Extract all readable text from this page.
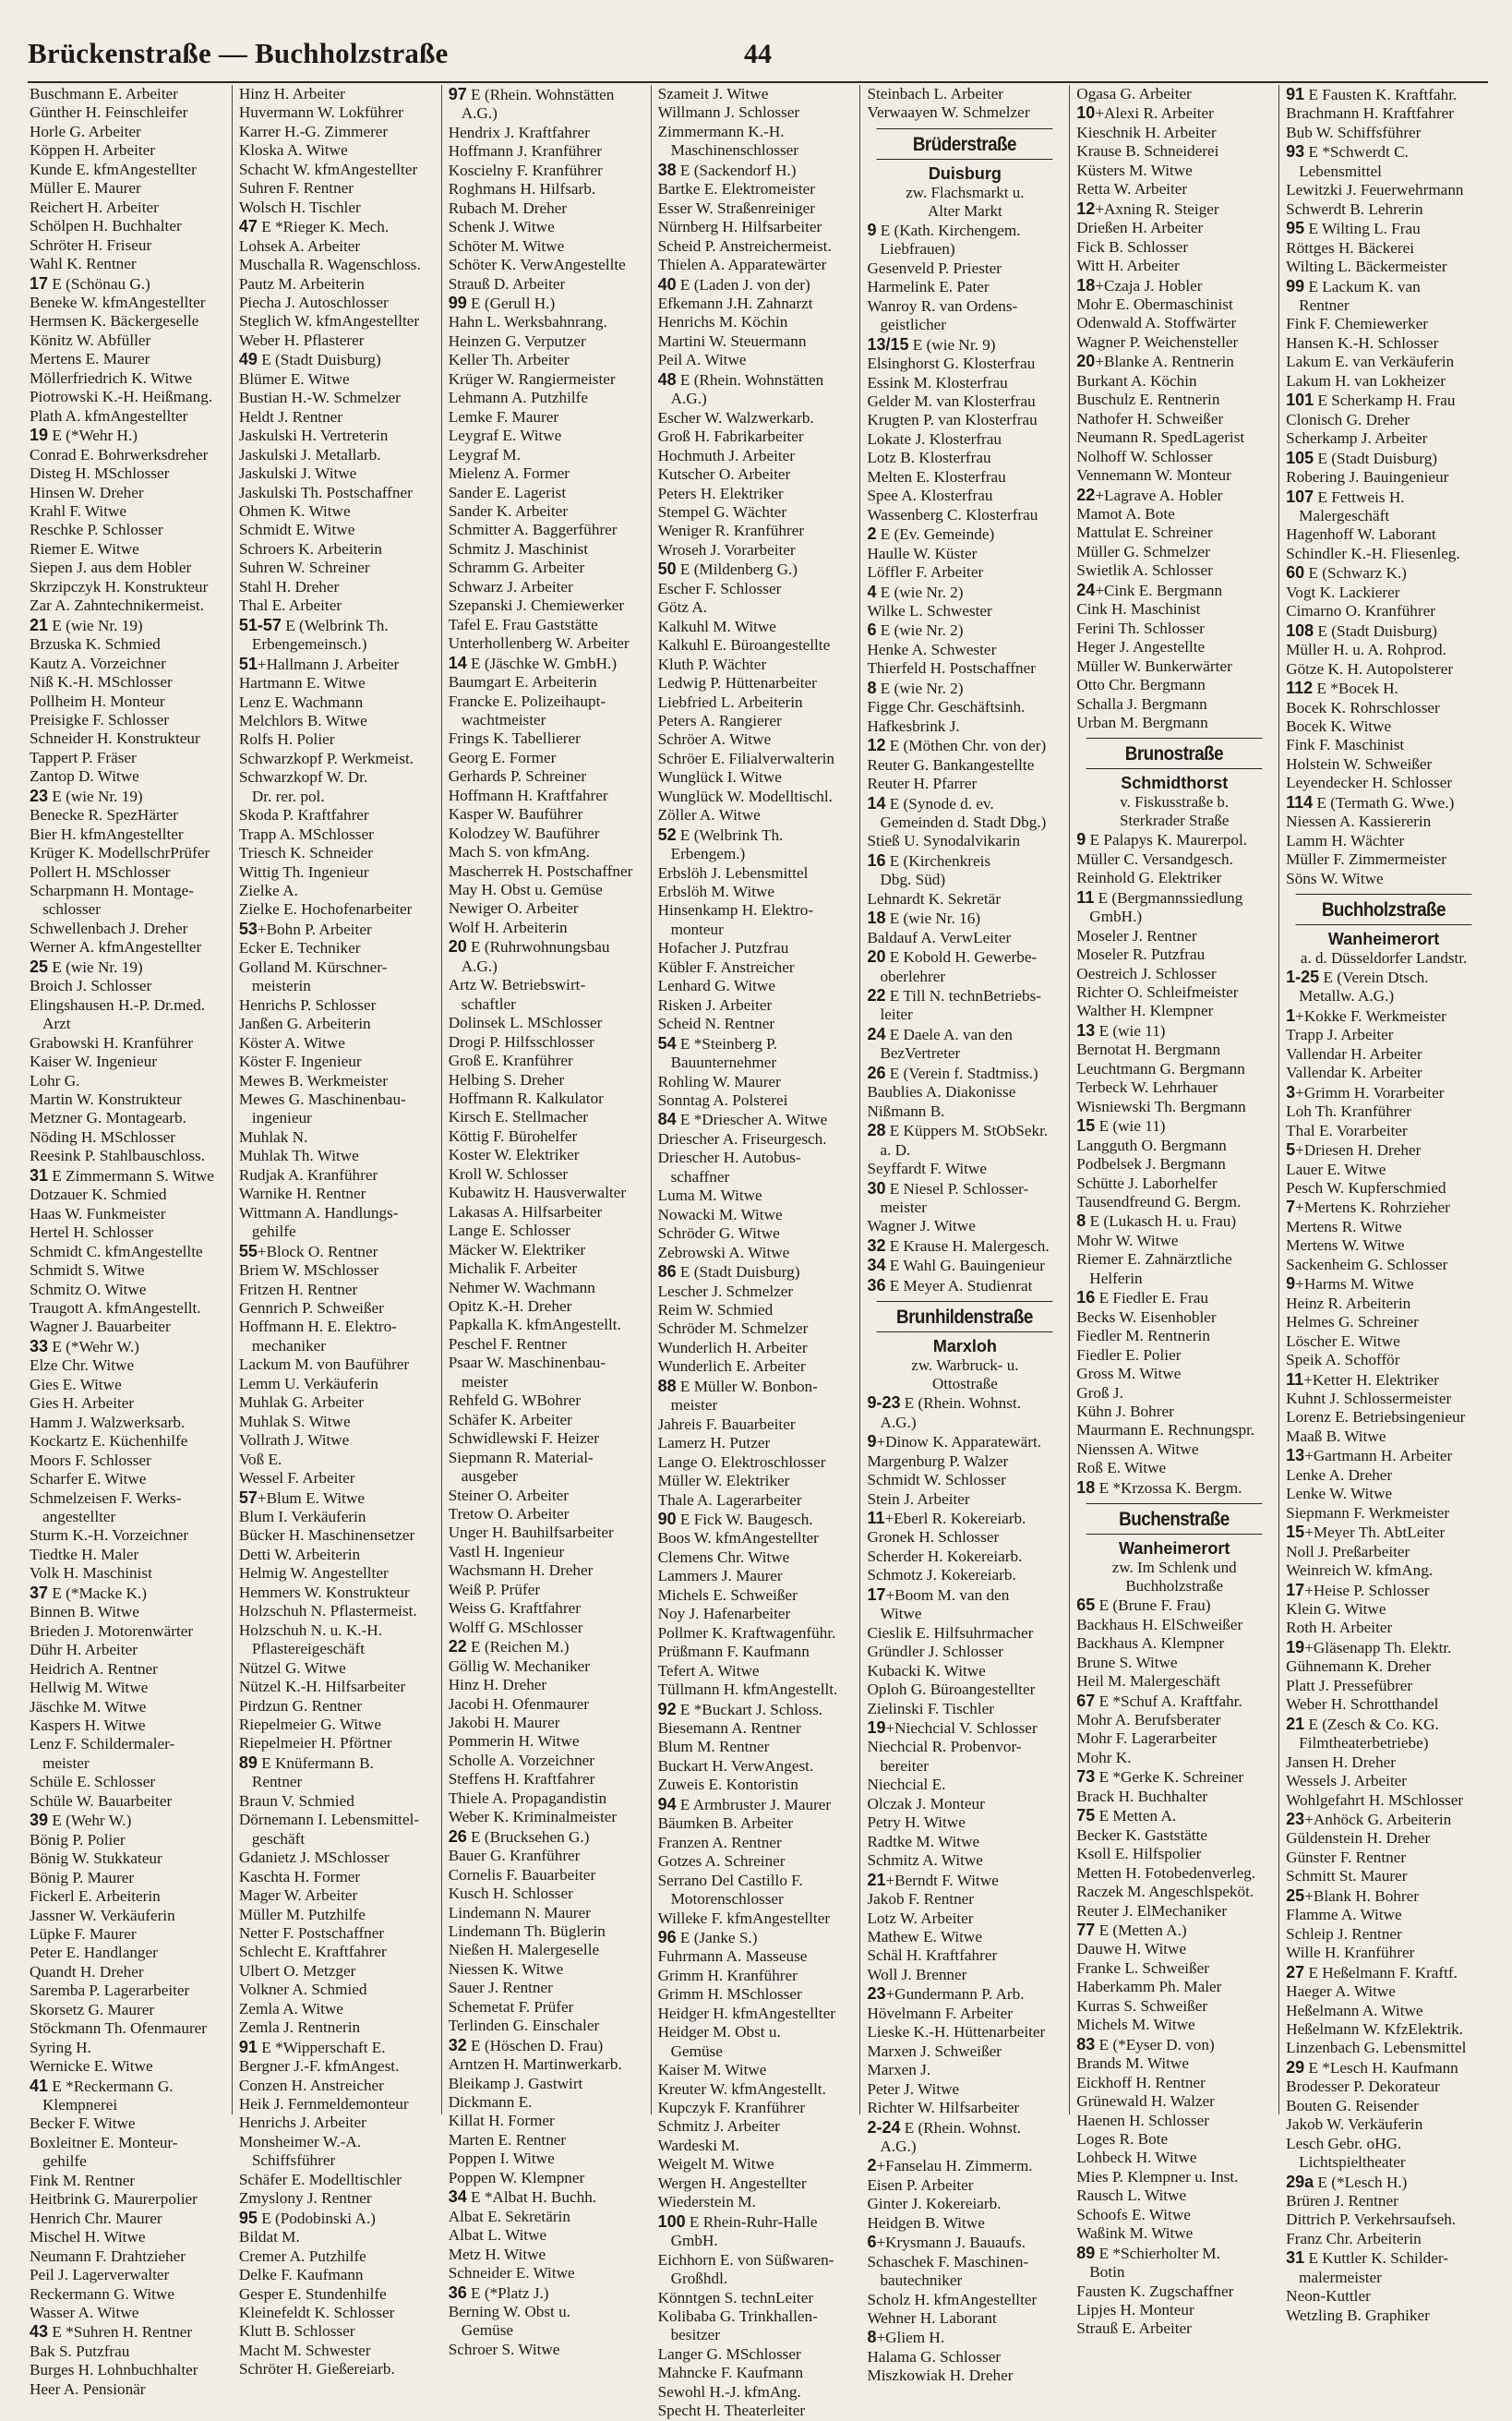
Brückenstraße — Buchholzstraße	44
Buschmann E. Arbeiter
Günther H. Feinschleifer
Horle G. Arbeiter
Köppen H. Arbeiter
Kunde E. kfmAngestellter
Müller E. Maurer
Reichert H. Arbeiter
Schölpen H. Buchhalter
Schröter H. Friseur
Wahl K. Rentner
17 E (Schönau G.)
Beneke W. kfmAngestellter
Hermsen K. Bäckergeselle
Könitz W. Abfüller
Mertens E. Maurer
Möllerfriedrich K. Witwe
Piotrowski K.-H. Heißmang.
Plath A. kfmAngestellter
19 E (*Wehr H.)
Conrad E. Bohrwerksdreher
Disteg H. MSchlosser
Hinsen W. Dreher
Krahl F. Witwe
Reschke P. Schlosser
Riemer E. Witwe
Siepen J. aus dem Hobler
Skrzipczyk H. Konstrukteur
Zar A. Zahntechnikermeist.
21 E (wie Nr. 19)
Brzuska K. Schmied
Kautz A. Vorzeichner
Niß K.-H. MSchlosser
Pollheim H. Monteur
Preisigke F. Schlosser
Schneider H. Konstrukteur
Tappert P. Fräser
Zantop D. Witwe
23 E (wie Nr. 19)
Benecke R. SpezHärter
Bier H. kfmAngestellter
Krüger K. ModellschrPrüfer
Pollert H. MSchlosser
Scharpmann H. Montage-
schlosser
Schwellenbach J. Dreher
Werner A. kfmAngestellter
25 E (wie Nr. 19)
Broich J. Schlosser
Elingshausen H.-P. Dr.med.
Arzt
Grabowski H. Kranführer
Kaiser W. Ingenieur
Lohr G.
Martin W. Konstrukteur
Metzner G. Montagearb.
Nöding H. MSchlosser
Reesink P. Stahlbauschloss.
31 E Zimmermann S. Witwe
Dotzauer K. Schmied
Haas W. Funkmeister
Hertel H. Schlosser
Schmidt C. kfmAngestellte
Schmidt S. Witwe
Schmitz O. Witwe
Traugott A. kfmAngestellt.
Wagner J. Bauarbeiter
33 E (*Wehr W.)
Elze Chr. Witwe
Gies E. Witwe
Gies H. Arbeiter
Hamm J. Walzwerksarb.
Kockartz E. Küchenhilfe
Moors F. Schlosser
Scharfer E. Witwe
Schmelzeisen F. Werks-
angestellter
Sturm K.-H. Vorzeichner
Tiedtke H. Maler
Volk H. Maschinist
37 E (*Macke K.)
Binnen B. Witwe
Brieden J. Motorenwärter
Dühr H. Arbeiter
Heidrich A. Rentner
Hellwig M. Witwe
Jäschke M. Witwe
Kaspers H. Witwe
Lenz F. Schildermaler-
meister
Schüle E. Schlosser
Schüle W. Bauarbeiter
39 E (Wehr W.)
Bönig P. Polier
Bönig W. Stukkateur
Bönig P. Maurer
Fickerl E. Arbeiterin
Jassner W. Verkäuferin
Lüpke F. Maurer
Peter E. Handlanger
Quandt H. Dreher
Saremba P. Lagerarbeiter
Skorsetz G. Maurer
Stöckmann Th. Ofenmaurer
Syring H.
Wernicke E. Witwe
41 E *Reckermann G.
Klempnerei
Becker F. Witwe
Boxleitner E. Monteur-
gehilfe
Fink M. Rentner
Heitbrink G. Maurerpolier
Henrich Chr. Maurer
Mischel H. Witwe
Neumann F. Drahtzieher
Peil J. Lagerverwalter
Reckermann G. Witwe
Wasser A. Witwe
43 E *Suhren H. Rentner
Bak S. Putzfrau
Burges H. Lohnbuchhalter
Heer A. Pensionär
Hinz H. Arbeiter
Huvermann W. Lokführer
Karrer H.-G. Zimmerer
Kloska A. Witwe
Schacht W. kfmAngestellter
Suhren F. Rentner
Wolsch H. Tischler
47 E *Rieger K. Mech.
Lohsek A. Arbeiter
Muschalla R. Wagenschloss.
Pautz M. Arbeiterin
Piecha J. Autoschlosser
Steglich W. kfmAngestellter
Weber H. Pflasterer
49 E (Stadt Duisburg)
Blümer E. Witwe
Bustian H.-W. Schmelzer
Heldt J. Rentner
Jaskulski H. Vertreterin
Jaskulski J. Metallarb.
Jaskulski J. Witwe
Jaskulski Th. Postschaffner
Ohmen K. Witwe
Schmidt E. Witwe
Schroers K. Arbeiterin
Suhren W. Schreiner
Stahl H. Dreher
Thal E. Arbeiter
51-57 E (Welbrink Th.
Erbengemeinsch.)
51+Hallmann J. Arbeiter
Hartmann E. Witwe
Lenz E. Wachmann
Melchlors B. Witwe
Rolfs H. Polier
Schwarzkopf P. Werkmeist.
Schwarzkopf W. Dr.
Dr. rer. pol.
Skoda P. Kraftfahrer
Trapp A. MSchlosser
Triesch K. Schneider
Wittig Th. Ingenieur
Zielke A.
Zielke E. Hochofenarbeiter
53+Bohn P. Arbeiter
Ecker E. Techniker
Golland M. Kürschner-
meisterin
Henrichs P. Schlosser
Janßen G. Arbeiterin
Köster A. Witwe
Köster F. Ingenieur
Mewes B. Werkmeister
Mewes G. Maschinenbau-
ingenieur
Muhlak N.
Muhlak Th. Witwe
Rudjak A. Kranführer
Warnike H. Rentner
Wittmann A. Handlungs-
gehilfe
55+Block O. Rentner
Briem W. MSchlosser
Fritzen H. Rentner
Gennrich P. Schweißer
Hoffmann H. E. Elektro-
mechaniker
Lackum M. von Bauführer
Lemm U. Verkäuferin
Muhlak G. Arbeiter
Muhlak S. Witwe
Vollrath J. Witwe
Voß E.
Wessel F. Arbeiter
57+Blum E. Witwe
Blum I. Verkäuferin
Bücker H. Maschinensetzer
Detti W. Arbeiterin
Helmig W. Angestellter
Hemmers W. Konstrukteur
Holzschuh N. Pflastermeist.
Holzschuh N. u. K.-H.
Pflastereigeschäft
Nützel G. Witwe
Nützel K.-H. Hilfsarbeiter
Pirdzun G. Rentner
Riepelmeier G. Witwe
Riepelmeier H. Pförtner
89 E Knüfermann B.
Rentner
Braun V. Schmied
Dörnemann I. Lebensmittel-
geschäft
Gdanietz J. MSchlosser
Kaschta H. Former
Mager W. Arbeiter
Müller M. Putzhilfe
Netter F. Postschaffner
Schlecht E. Kraftfahrer
Ulbert O. Metzger
Volkner A. Schmied
Zemla A. Witwe
Zemla J. Rentnerin
91 E *Wipperschaft E.
Bergner J.-F. kfmAngest.
Conzen H. Anstreicher
Heik J. Fernmeldemonteur
Henrichs J. Arbeiter
Monsheimer W.-A.
Schiffsführer
Schäfer E. Modelltischler
Zmyslony J. Rentner
95 E (Podobinski A.)
Bildat M.
Cremer A. Putzhilfe
Delke F. Kaufmann
Gesper E. Stundenhilfe
Kleinefeldt K. Schlosser
Klutt B. Schlosser
Macht M. Schwester
Schröter H. Gießereiarb.
97 E (Rhein. Wohnstätten
A.G.)
Hendrix J. Kraftfahrer
Hoffmann J. Kranführer
Koscielny F. Kranführer
Roghmans H. Hilfsarb.
Rubach M. Dreher
Schenk J. Witwe
Schöter M. Witwe
Schöter K. VerwAngestellte
Strauß D. Arbeiter
99 E (Gerull H.)
Hahn L. Werksbahnrang.
Heinzen G. Verputzer
Keller Th. Arbeiter
Krüger W. Rangiermeister
Lehmann A. Putzhilfe
Lemke F. Maurer
Leygraf E. Witwe
Leygraf M.
Mielenz A. Former
Sander E. Lagerist
Sander K. Arbeiter
Schmitter A. Baggerführer
Schmitz J. Maschinist
Schramm G. Arbeiter
Schwarz J. Arbeiter
Szepanski J. Chemiewerker
Tafel E. Frau Gaststätte
Unterhollenberg W. Arbeiter
14 E (Jäschke W. GmbH.)
Baumgart E. Arbeiterin
Francke E. Polizeihaupt-
wachtmeister
Frings K. Tabellierer
Georg E. Former
Gerhards P. Schreiner
Hoffmann H. Kraftfahrer
Kasper W. Bauführer
Kolodzey W. Bauführer
Mach S. von kfmAng.
Mascherrek H. Postschaffner
May H. Obst u. Gemüse
Newiger O. Arbeiter
Wolf H. Arbeiterin
20 E (Ruhrwohnungsbau
A.G.)
Artz W. Betriebswirt-
schaftler
Dolinsek L. MSchlosser
Drogi P. Hilfsschlosser
Groß E. Kranführer
Helbing S. Dreher
Hoffmann R. Kalkulator
Kirsch E. Stellmacher
Köttig F. Bürohelfer
Koster W. Elektriker
Kroll W. Schlosser
Kubawitz H. Hausverwalter
Lakasas A. Hilfsarbeiter
Lange E. Schlosser
Mäcker W. Elektriker
Michalik F. Arbeiter
Nehmer W. Wachmann
Opitz K.-H. Dreher
Papkalla K. kfmAngestellt.
Peschel F. Rentner
Psaar W. Maschinenbau-
meister
Rehfeld G. WBohrer
Schäfer K. Arbeiter
Schwidlewski F. Heizer
Siepmann R. Material-
ausgeber
Steiner O. Arbeiter
Tretow O. Arbeiter
Unger H. Bauhilfsarbeiter
Vastl H. Ingenieur
Wachsmann H. Dreher
Weiß P. Prüfer
Weiss G. Kraftfahrer
Wolff G. MSchlosser
22 E (Reichen M.)
Göllig W. Mechaniker
Hinz H. Dreher
Jacobi H. Ofenmaurer
Jakobi H. Maurer
Pommerin H. Witwe
Scholle A. Vorzeichner
Steffens H. Kraftfahrer
Thiele A. Propagandistin
Weber K. Kriminalmeister
26 E (Brucksehen G.)
Bauer G. Kranführer
Cornelis F. Bauarbeiter
Kusch H. Schlosser
Lindemann N. Maurer
Lindemann Th. Büglerin
Nießen H. Malergeselle
Niessen K. Witwe
Sauer J. Rentner
Schemetat F. Prüfer
Terlinden G. Einschaler
32 E (Höschen D. Frau)
Arntzen H. Martinwerkarb.
Bleikamp J. Gastwirt
Dickmann E.
Killat H. Former
Marten E. Rentner
Poppen I. Witwe
Poppen W. Klempner
34 E *Albat H. Buchh.
Albat E. Sekretärin
Albat L. Witwe
Metz H. Witwe
Schneider E. Witwe
36 E (*Platz J.)
Berning W. Obst u.
Gemüse
Schroer S. Witwe
Szameit J. Witwe
Willmann J. Schlosser
Zimmermann K.-H.
Maschinenschlosser
38 E (Sackendorf H.)
Bartke E. Elektromeister
Esser W. Straßenreiniger
Nürnberg H. Hilfsarbeiter
Scheid P. Anstreichermeist.
Thielen A. Apparatewärter
40 E (Laden J. von der)
Efkemann J.H. Zahnarzt
Henrichs M. Köchin
Martini W. Steuermann
Peil A. Witwe
48 E (Rhein. Wohnstätten
A.G.)
Escher W. Walzwerkarb.
Groß H. Fabrikarbeiter
Hochmuth J. Arbeiter
Kutscher O. Arbeiter
Peters H. Elektriker
Stempel G. Wächter
Weniger R. Kranführer
Wroseh J. Vorarbeiter
50 E (Mildenberg G.)
Escher F. Schlosser
Götz A.
Kalkuhl M. Witwe
Kalkuhl E. Büroangestellte
Kluth P. Wächter
Ledwig P. Hüttenarbeiter
Liebfried L. Arbeiterin
Peters A. Rangierer
Schröer A. Witwe
Schröer E. Filialverwalterin
Wunglück I. Witwe
Wunglück W. Modelltischl.
Zöller A. Witwe
52 E (Welbrink Th.
Erbengem.)
Erbslöh J. Lebensmittel
Erbslöh M. Witwe
Hinsenkamp H. Elektro-
monteur
Hofacher J. Putzfrau
Kübler F. Anstreicher
Lenhard G. Witwe
Risken J. Arbeiter
Scheid N. Rentner
54 E *Steinberg P.
Bauunternehmer
Rohling W. Maurer
Sonntag A. Polsterei
84 E *Driescher A. Witwe
Driescher A. Friseurgesch.
Driescher H. Autobus-
schaffner
Luma M. Witwe
Nowacki M. Witwe
Schröder G. Witwe
Zebrowski A. Witwe
86 E (Stadt Duisburg)
Lescher J. Schmelzer
Reim W. Schmied
Schröder M. Schmelzer
Wunderlich H. Arbeiter
Wunderlich E. Arbeiter
88 E Müller W. Bonbon-
meister
Jahreis F. Bauarbeiter
Lamerz H. Putzer
Lange O. Elektroschlosser
Müller W. Elektriker
Thale A. Lagerarbeiter
90 E Fick W. Baugesch.
Boos W. kfmAngestellter
Clemens Chr. Witwe
Lammers J. Maurer
Michels E. Schweißer
Noy J. Hafenarbeiter
Pollmer K. Kraftwagenführ.
Prüßmann F. Kaufmann
Tefert A. Witwe
Tüllmann H. kfmAngestellt.
92 E *Buckart J. Schloss.
Biesemann A. Rentner
Blum M. Rentner
Buckart H. VerwAngest.
Zuweis E. Kontoristin
94 E Armbruster J. Maurer
Bäumken B. Arbeiter
Franzen A. Rentner
Gotzes A. Schreiner
Serrano Del Castillo F.
Motorenschlosser
Willeke F. kfmAngestellter
96 E (Janke S.)
Fuhrmann A. Masseuse
Grimm H. Kranführer
Grimm H. MSchlosser
Heidger H. kfmAngestellter
Heidger M. Obst u.
Gemüse
Kaiser M. Witwe
Kreuter W. kfmAngestellt.
Kupczyk F. Kranführer
Schmitz J. Arbeiter
Wardeski M.
Weigelt M. Witwe
Wergen H. Angestellter
Wiederstein M.
100 E Rhein-Ruhr-Halle
GmbH.
Eichhorn E. von Süßwaren-
Großhdl.
Könntgen S. technLeiter
Kolibaba G. Trinkhallen-
besitzer
Langer G. MSchlosser
Mahncke F. Kaufmann
Sewohl H.-J. kfmAng.
Specht H. Theaterleiter
Steinbach L. Arbeiter
Verwaayen W. Schmelzer
Brüderstraße
Duisburg
zw. Flachsmarkt u.
Alter Markt
9 E (Kath. Kirchengem.
Liebfrauen)
Gesenveld P. Priester
Harmelink E. Pater
Wanroy R. van Ordens-
geistlicher
13/15 E (wie Nr. 9)
Elsinghorst G. Klosterfrau
Essink M. Klosterfrau
Gelder M. van Klosterfrau
Krugten P. van Klosterfrau
Lokate J. Klosterfrau
Lotz B. Klosterfrau
Melten E. Klosterfrau
Spee A. Klosterfrau
Wassenberg C. Klosterfrau
2 E (Ev. Gemeinde)
Haulle W. Küster
Löffler F. Arbeiter
4 E (wie Nr. 2)
Wilke L. Schwester
6 E (wie Nr. 2)
Henke A. Schwester
Thierfeld H. Postschaffner
8 E (wie Nr. 2)
Figge Chr. Geschäftsinh.
Hafkesbrink J.
12 E (Möthen Chr. von der)
Reuter G. Bankangestellte
Reuter H. Pfarrer
14 E (Synode d. ev.
Gemeinden d. Stadt Dbg.)
Stieß U. Synodalvikarin
16 E (Kirchenkreis
Dbg. Süd)
Lehnardt K. Sekretär
18 E (wie Nr. 16)
Baldauf A. VerwLeiter
20 E Kobold H. Gewerbe-
oberlehrer
22 E Till N. technBetriebs-
leiter
24 E Daele A. van den
BezVertreter
26 E (Verein f. Stadtmiss.)
Baublies A. Diakonisse
Nißmann B.
28 E Küppers M. StObSekr.
a. D.
Seyffardt F. Witwe
30 E Niesel P. Schlosser-
meister
Wagner J. Witwe
32 E Krause H. Malergesch.
34 E Wahl G. Bauingenieur
36 E Meyer A. Studienrat
Brunhildenstraße
Marxloh
zw. Warbruck- u.
Ottostraße
9-23 E (Rhein. Wohnst.
A.G.)
9+Dinow K. Apparatewärt.
Margenburg P. Walzer
Schmidt W. Schlosser
Stein J. Arbeiter
11+Eberl R. Kokereiarb.
Gronek H. Schlosser
Scherder H. Kokereiarb.
Schmotz J. Kokereiarb.
17+Boom M. van den
Witwe
Cieslik E. Hilfsuhrmacher
Gründler J. Schlosser
Kubacki K. Witwe
Oploh G. Büroangestellter
Zielinski F. Tischler
19+Niechcial V. Schlosser
Niechcial R. Probenvor-
bereiter
Niechcial E.
Olczak J. Monteur
Petry H. Witwe
Radtke M. Witwe
Schmitz A. Witwe
21+Berndt F. Witwe
Jakob F. Rentner
Lotz W. Arbeiter
Mathew E. Witwe
Schäl H. Kraftfahrer
Woll J. Brenner
23+Gundermann P. Arb.
Hövelmann F. Arbeiter
Lieske K.-H. Hüttenarbeiter
Marxen J. Schweißer
Marxen J.
Peter J. Witwe
Richter W. Hilfsarbeiter
2-24 E (Rhein. Wohnst.
A.G.)
2+Fanselau H. Zimmerm.
Eisen P. Arbeiter
Ginter J. Kokereiarb.
Heidgen B. Witwe
6+Krysmann J. Bauaufs.
Schaschek F. Maschinen-
bautechniker
Scholz H. kfmAngestellter
Wehner H. Laborant
8+Gliem H.
Halama G. Schlosser
Miszkowiak H. Dreher
Ogasa G. Arbeiter
10+Alexi R. Arbeiter
Kieschnik H. Arbeiter
Krause B. Schneiderei
Küsters M. Witwe
Retta W. Arbeiter
12+Axning R. Steiger
Drießen H. Arbeiter
Fick B. Schlosser
Witt H. Arbeiter
18+Czaja J. Hobler
Mohr E. Obermaschinist
Odenwald A. Stoffwärter
Wagner P. Weichensteller
20+Blanke A. Rentnerin
Burkant A. Köchin
Buschulz E. Rentnerin
Nathofer H. Schweißer
Neumann R. SpedLagerist
Nolhoff W. Schlosser
Vennemann W. Monteur
22+Lagrave A. Hobler
Mamot A. Bote
Mattulat E. Schreiner
Müller G. Schmelzer
Swietlik A. Schlosser
24+Cink E. Bergmann
Cink H. Maschinist
Ferini Th. Schlosser
Heger J. Angestellte
Müller W. Bunkerwärter
Otto Chr. Bergmann
Schalla J. Bergmann
Urban M. Bergmann
Brunostraße
Schmidthorst
v. Fiskusstraße b.
Sterkrader Straße
9 E Palapys K. Maurerpol.
Müller C. Versandgesch.
Reinhold G. Elektriker
11 E (Bergmannssiedlung
GmbH.)
Moseler J. Rentner
Moseler R. Putzfrau
Oestreich J. Schlosser
Richter O. Schleifmeister
Walther H. Klempner
13 E (wie 11)
Bernotat H. Bergmann
Leuchtmann G. Bergmann
Terbeck W. Lehrhauer
Wisniewski Th. Bergmann
15 E (wie 11)
Langguth O. Bergmann
Podbelsek J. Bergmann
Schütte J. Laborhelfer
Tausendfreund G. Bergm.
8 E (Lukasch H. u. Frau)
Mohr W. Witwe
Riemer E. Zahnärztliche
Helferin
16 E Fiedler E. Frau
Becks W. Eisenhobler
Fiedler M. Rentnerin
Fiedler E. Polier
Gross M. Witwe
Groß J.
Kühn J. Bohrer
Maurmann E. Rechnungspr.
Nienssen A. Witwe
Roß E. Witwe
18 E *Krzossa K. Bergm.
Buchenstraße
Wanheimerort
zw. Im Schlenk und
Buchholzstraße
65 E (Brune F. Frau)
Backhaus H. ElSchweißer
Backhaus A. Klempner
Brune S. Witwe
Heil M. Malergeschäft
67 E *Schuf A. Kraftfahr.
Mohr A. Berufsberater
Mohr F. Lagerarbeiter
Mohr K.
73 E *Gerke K. Schreiner
Brack H. Buchhalter
75 E Metten A.
Becker K. Gaststätte
Ksoll E. Hilfspolier
Metten H. Fotobedenverleg.
Raczek M. Angeschlspeköt.
Reuter J. ElMechaniker
77 E (Metten A.)
Dauwe H. Witwe
Franke L. Schweißer
Haberkamm Ph. Maler
Kurras S. Schweißer
Michels M. Witwe
83 E (*Eyser D. von)
Brands M. Witwe
Eickhoff H. Rentner
Grünewald H. Walzer
Haenen H. Schlosser
Loges R. Bote
Lohbeck H. Witwe
Mies P. Klempner u. Inst.
Rausch L. Witwe
Schoofs E. Witwe
Waßink M. Witwe
89 E *Schierholter M.
Botin
Fausten K. Zugschaffner
Lipjes H. Monteur
Strauß E. Arbeiter
91 E Fausten K. Kraftfahr.
Brachmann H. Kraftfahrer
Bub W. Schiffsführer
93 E *Schwerdt C.
Lebensmittel
Lewitzki J. Feuerwehrmann
Schwerdt B. Lehrerin
95 E Wilting L. Frau
Röttges H. Bäckerei
Wilting L. Bäckermeister
99 E Lackum K. van
Rentner
Fink F. Chemiewerker
Hansen K.-H. Schlosser
Lakum E. van Verkäuferin
Lakum H. van Lokheizer
101 E Scherkamp H. Frau
Clonisch G. Dreher
Scherkamp J. Arbeiter
105 E (Stadt Duisburg)
Robering J. Bauingenieur
107 E Fettweis H.
Malergeschäft
Hagenhoff W. Laborant
Schindler K.-H. Fliesenleg.
60 E (Schwarz K.)
Vogt K. Lackierer
Cimarno O. Kranführer
108 E (Stadt Duisburg)
Müller H. u. A. Rohprod.
Götze K. H. Autopolsterer
112 E *Bocek H.
Bocek K. Rohrschlosser
Bocek K. Witwe
Fink F. Maschinist
Holstein W. Schweißer
Leyendecker H. Schlosser
114 E (Termath G. Wwe.)
Niessen A. Kassiererin
Lamm H. Wächter
Müller F. Zimmermeister
Söns W. Witwe
Buchholzstraße
Wanheimerort
a. d. Düsseldorfer Landstr.
1-25 E (Verein Dtsch.
Metallw. A.G.)
1+Kokke F. Werkmeister
Trapp J. Arbeiter
Vallendar H. Arbeiter
Vallendar K. Arbeiter
3+Grimm H. Vorarbeiter
Loh Th. Kranführer
Thal E. Vorarbeiter
5+Driesen H. Dreher
Lauer E. Witwe
Pesch W. Kupferschmied
7+Mertens K. Rohrzieher
Mertens R. Witwe
Mertens W. Witwe
Sackenheim G. Schlosser
9+Harms M. Witwe
Heinz R. Arbeiterin
Helmes G. Schreiner
Löscher E. Witwe
Speik A. Schofför
11+Ketter H. Elektriker
Kuhnt J. Schlossermeister
Lorenz E. Betriebsingenieur
Maaß B. Witwe
13+Gartmann H. Arbeiter
Lenke A. Dreher
Lenke W. Witwe
Siepmann F. Werkmeister
15+Meyer Th. AbtLeiter
Noll J. Preßarbeiter
Weinreich W. kfmAng.
17+Heise P. Schlosser
Klein G. Witwe
Roth H. Arbeiter
19+Gläsenapp Th. Elektr.
Gühnemann K. Dreher
Platt J. Pressefübrer
Weber H. Schrotthandel
21 E (Zesch & Co. KG.
Filmtheaterbetriebe)
Jansen H. Dreher
Wessels J. Arbeiter
Wohlgefahrt H. MSchlosser
23+Anhöck G. Arbeiterin
Güldenstein H. Dreher
Günster F. Rentner
Schmitt St. Maurer
25+Blank H. Bohrer
Flamme A. Witwe
Schleip J. Rentner
Wille H. Kranführer
27 E Heßelmann F. Kraftf.
Haeger A. Witwe
Heßelmann A. Witwe
Heßelmann W. KfzElektrik.
Linzenbach G. Lebensmittel
29 E *Lesch H. Kaufmann
Brodesser P. Dekorateur
Bouten G. Reisender
Jakob W. Verkäuferin
Lesch Gebr. oHG.
Lichtspieltheater
29a E (*Lesch H.)
Brüren J. Rentner
Dittrich P. Verkehrsaufseh.
Franz Chr. Arbeiterin
31 E Kuttler K. Schilder-
malermeister
Neon-Kuttler
Wetzling B. Graphiker
